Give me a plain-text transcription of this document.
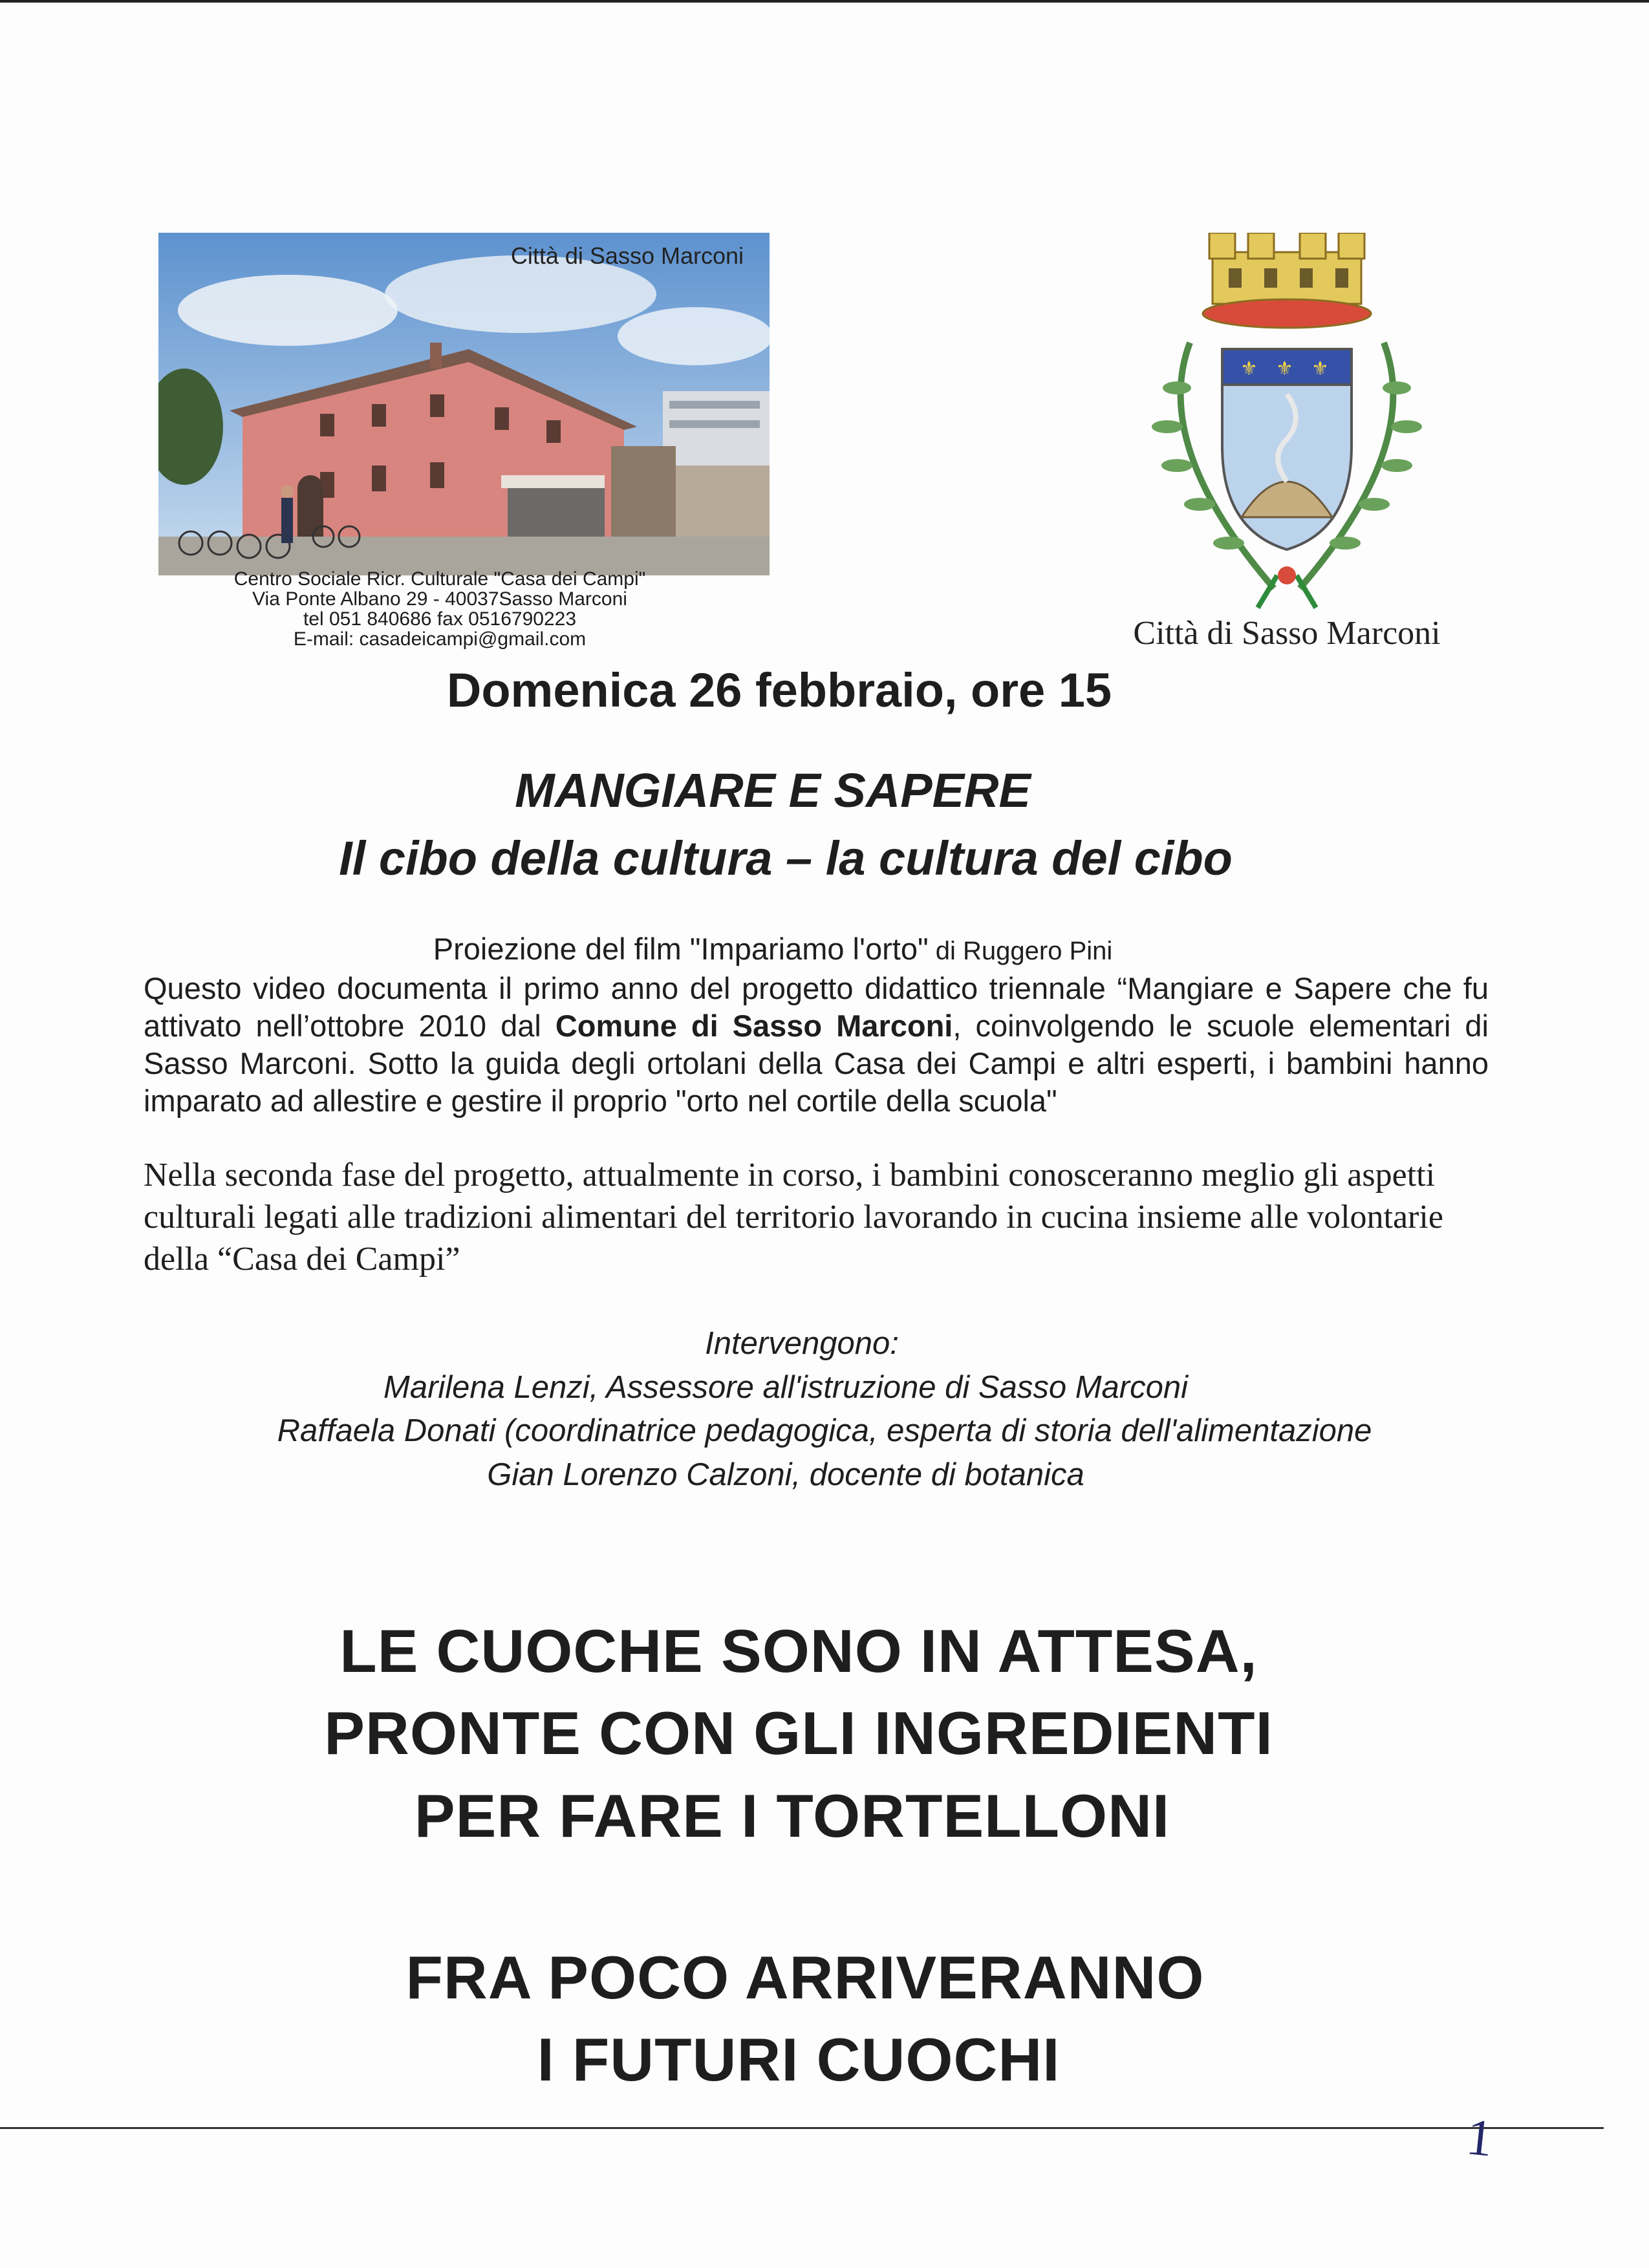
Città di Sasso Marconi
Centro Sociale Ricr. Culturale "Casa dei Campi"
Via Ponte Albano 29 - 40037Sasso Marconi
tel 051 840686 fax 0516790223
E-mail: casadeicampi@gmail.com
⚜ ⚜ ⚜
Città di Sasso Marconi
Domenica 26 febbraio, ore 15
MANGIARE E SAPERE
Il cibo della cultura – la cultura del cibo
Proiezione del film "Impariamo l'orto" di Ruggero Pini
Questo video documenta il primo anno del progetto didattico triennale “Mangiare e Sapere che fu attivato nell’ottobre 2010 dal Comune di Sasso Marconi, coinvolgendo le scuole elementari di Sasso Marconi. Sotto la guida degli ortolani della Casa dei Campi e altri esperti, i bambini hanno imparato ad allestire e gestire il proprio "orto nel cortile della scuola"
Nella seconda fase del progetto, attualmente in corso, i bambini conosceranno meglio gli aspetti culturali legati alle tradizioni alimentari del territorio lavorando in cucina insieme alle volontarie della “Casa dei Campi”
Intervengono:
Marilena Lenzi, Assessore all'istruzione di Sasso Marconi
Raffaela Donati (coordinatrice pedagogica, esperta di storia dell'alimentazione
Gian Lorenzo Calzoni, docente di botanica
LE CUOCHE SONO IN ATTESA,
PRONTE CON GLI INGREDIENTI
PER FARE I TORTELLONI
FRA POCO ARRIVERANNO
I FUTURI CUOCHI
1
